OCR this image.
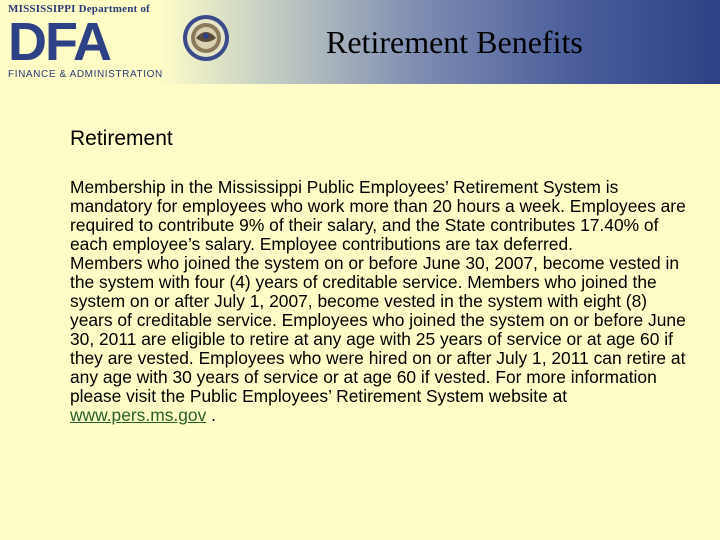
MISSISSIPPI Department of
DFA
FINANCE & ADMINISTRATION
Retirement Benefits
Retirement

Membership in the Mississippi Public Employees’ Retirement System is mandatory for employees who work more than 20 hours a week. Employees are required to contribute 9% of their salary, and the State contributes 17.40% of each employee’s salary. Employee contributions are tax deferred.

Members who joined the system on or before June 30, 2007, become vested in the system with four (4) years of creditable service. Members who joined the system on or after July 1, 2007, become vested in the system with eight (8) years of creditable service. Employees who joined the system on or before June 30, 2011 are eligible to retire at any age with 25 years of service or at age 60 if they are vested. Employees who were hired on or after July 1, 2011 can retire at any age with 30 years of service or at age 60 if vested. For more information please visit the Public Employees’ Retirement System website at www.pers.ms.gov .
